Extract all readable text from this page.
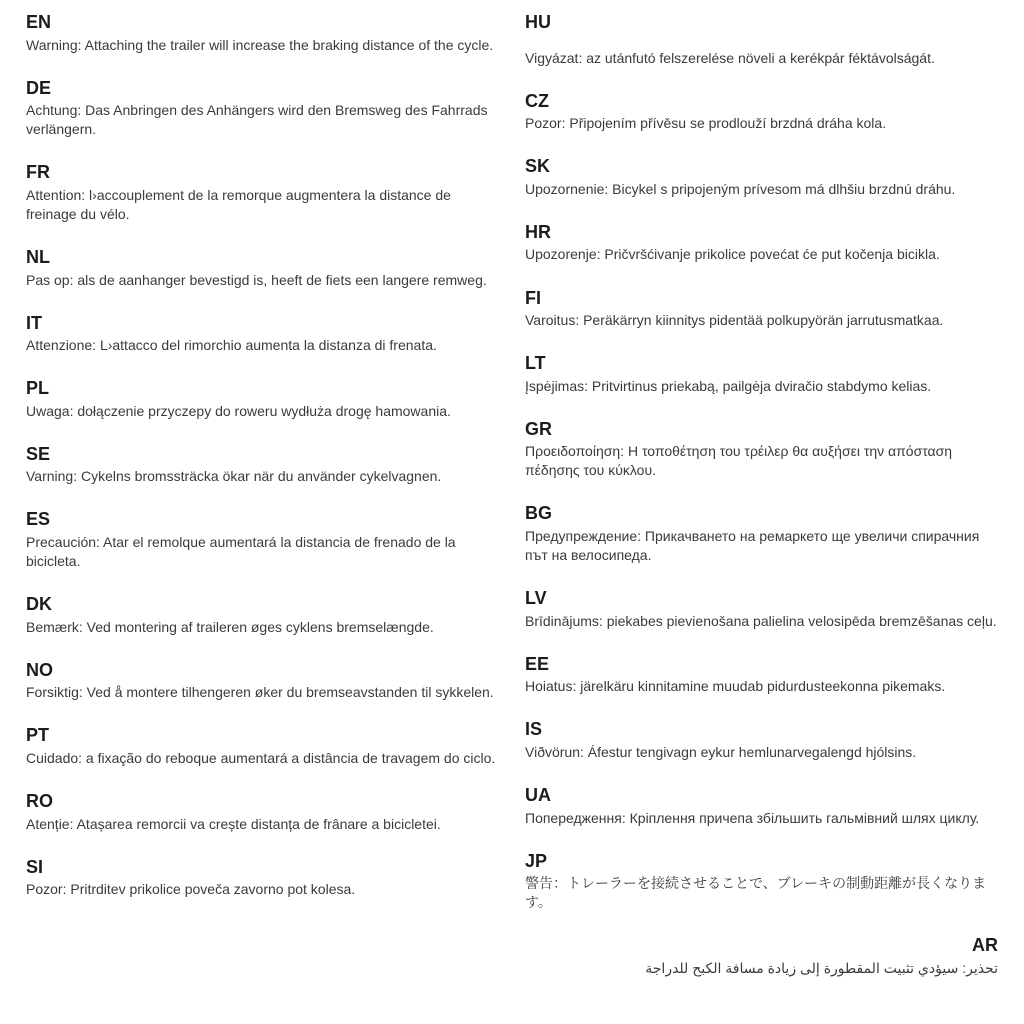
EN

Warning: Attaching the trailer will increase the braking distance of the cycle.

DE

Achtung: Das Anbringen des Anhängers wird den Bremsweg des Fahrrads verlängern.

FR

Attention: l›accouplement de la remorque augmentera la distance de freinage du vélo.

NL

Pas op: als de aanhanger bevestigd is, heeft de fiets een langere remweg.

IT

Attenzione: L›attacco del rimorchio aumenta la distanza di frenata.

PL

Uwaga: dołączenie przyczepy do roweru wydłuża drogę hamowania.

SE

Varning: Cykelns bromssträcka ökar när du använder cykelvagnen.

ES

Precaución: Atar el remolque aumentará la distancia de frenado de la bicicleta.

DK

Bemærk: Ved montering af traileren øges cyklens bremselængde.

NO

Forsiktig: Ved å montere tilhengeren øker du bremseavstanden til sykkelen.

PT

Cuidado: a fixação do reboque aumentará a distância de travagem do ciclo.

RO

Atenție: Atașarea remorcii va crește distanța de frânare a bicicletei.

SI

Pozor: Pritrditev prikolice poveča zavorno pot kolesa.

HU

Vigyázat: az utánfutó felszerelése növeli a kerékpár féktávolságát.

CZ

Pozor: Připojením přívěsu se prodlouží brzdná dráha kola.

SK

Upozornenie: Bicykel s pripojeným prívesom má dlhšiu brzdnú dráhu.

HR

Upozorenje: Pričvršćivanje prikolice povećat će put kočenja bicikla.

FI

Varoitus: Peräkärryn kiinnitys pidentää polkupyörän jarrutusmatkaa.

LT

Įspėjimas: Pritvirtinus priekabą, pailgėja dviračio stabdymo kelias.

GR

Προειδοποίηση: Η τοποθέτηση του τρέιλερ θα αυξήσει την απόσταση πέδησης του κύκλου.

BG

Предупреждение: Прикачването на ремаркето ще увеличи спирачния път на велосипеда.

LV

Brīdinājums: piekabes pievienošana palielina velosipēda bremzēšanas ceļu.

EE

Hoiatus: järelkäru kinnitamine muudab pidurdusteekonna pikemaks.

IS

Viðvörun: Áfestur tengivagn eykur hemlunarvegalengd hjólsins.

UA

Попередження: Кріплення причепа збільшить гальмівний шлях циклу.

JP

警告：トレーラーを接続させることで、ブレーキの制動距離が長くなります。

AR

تحذير: سيؤدي تثبيت المقطورة إلى زيادة مسافة الكبح للدراجة
